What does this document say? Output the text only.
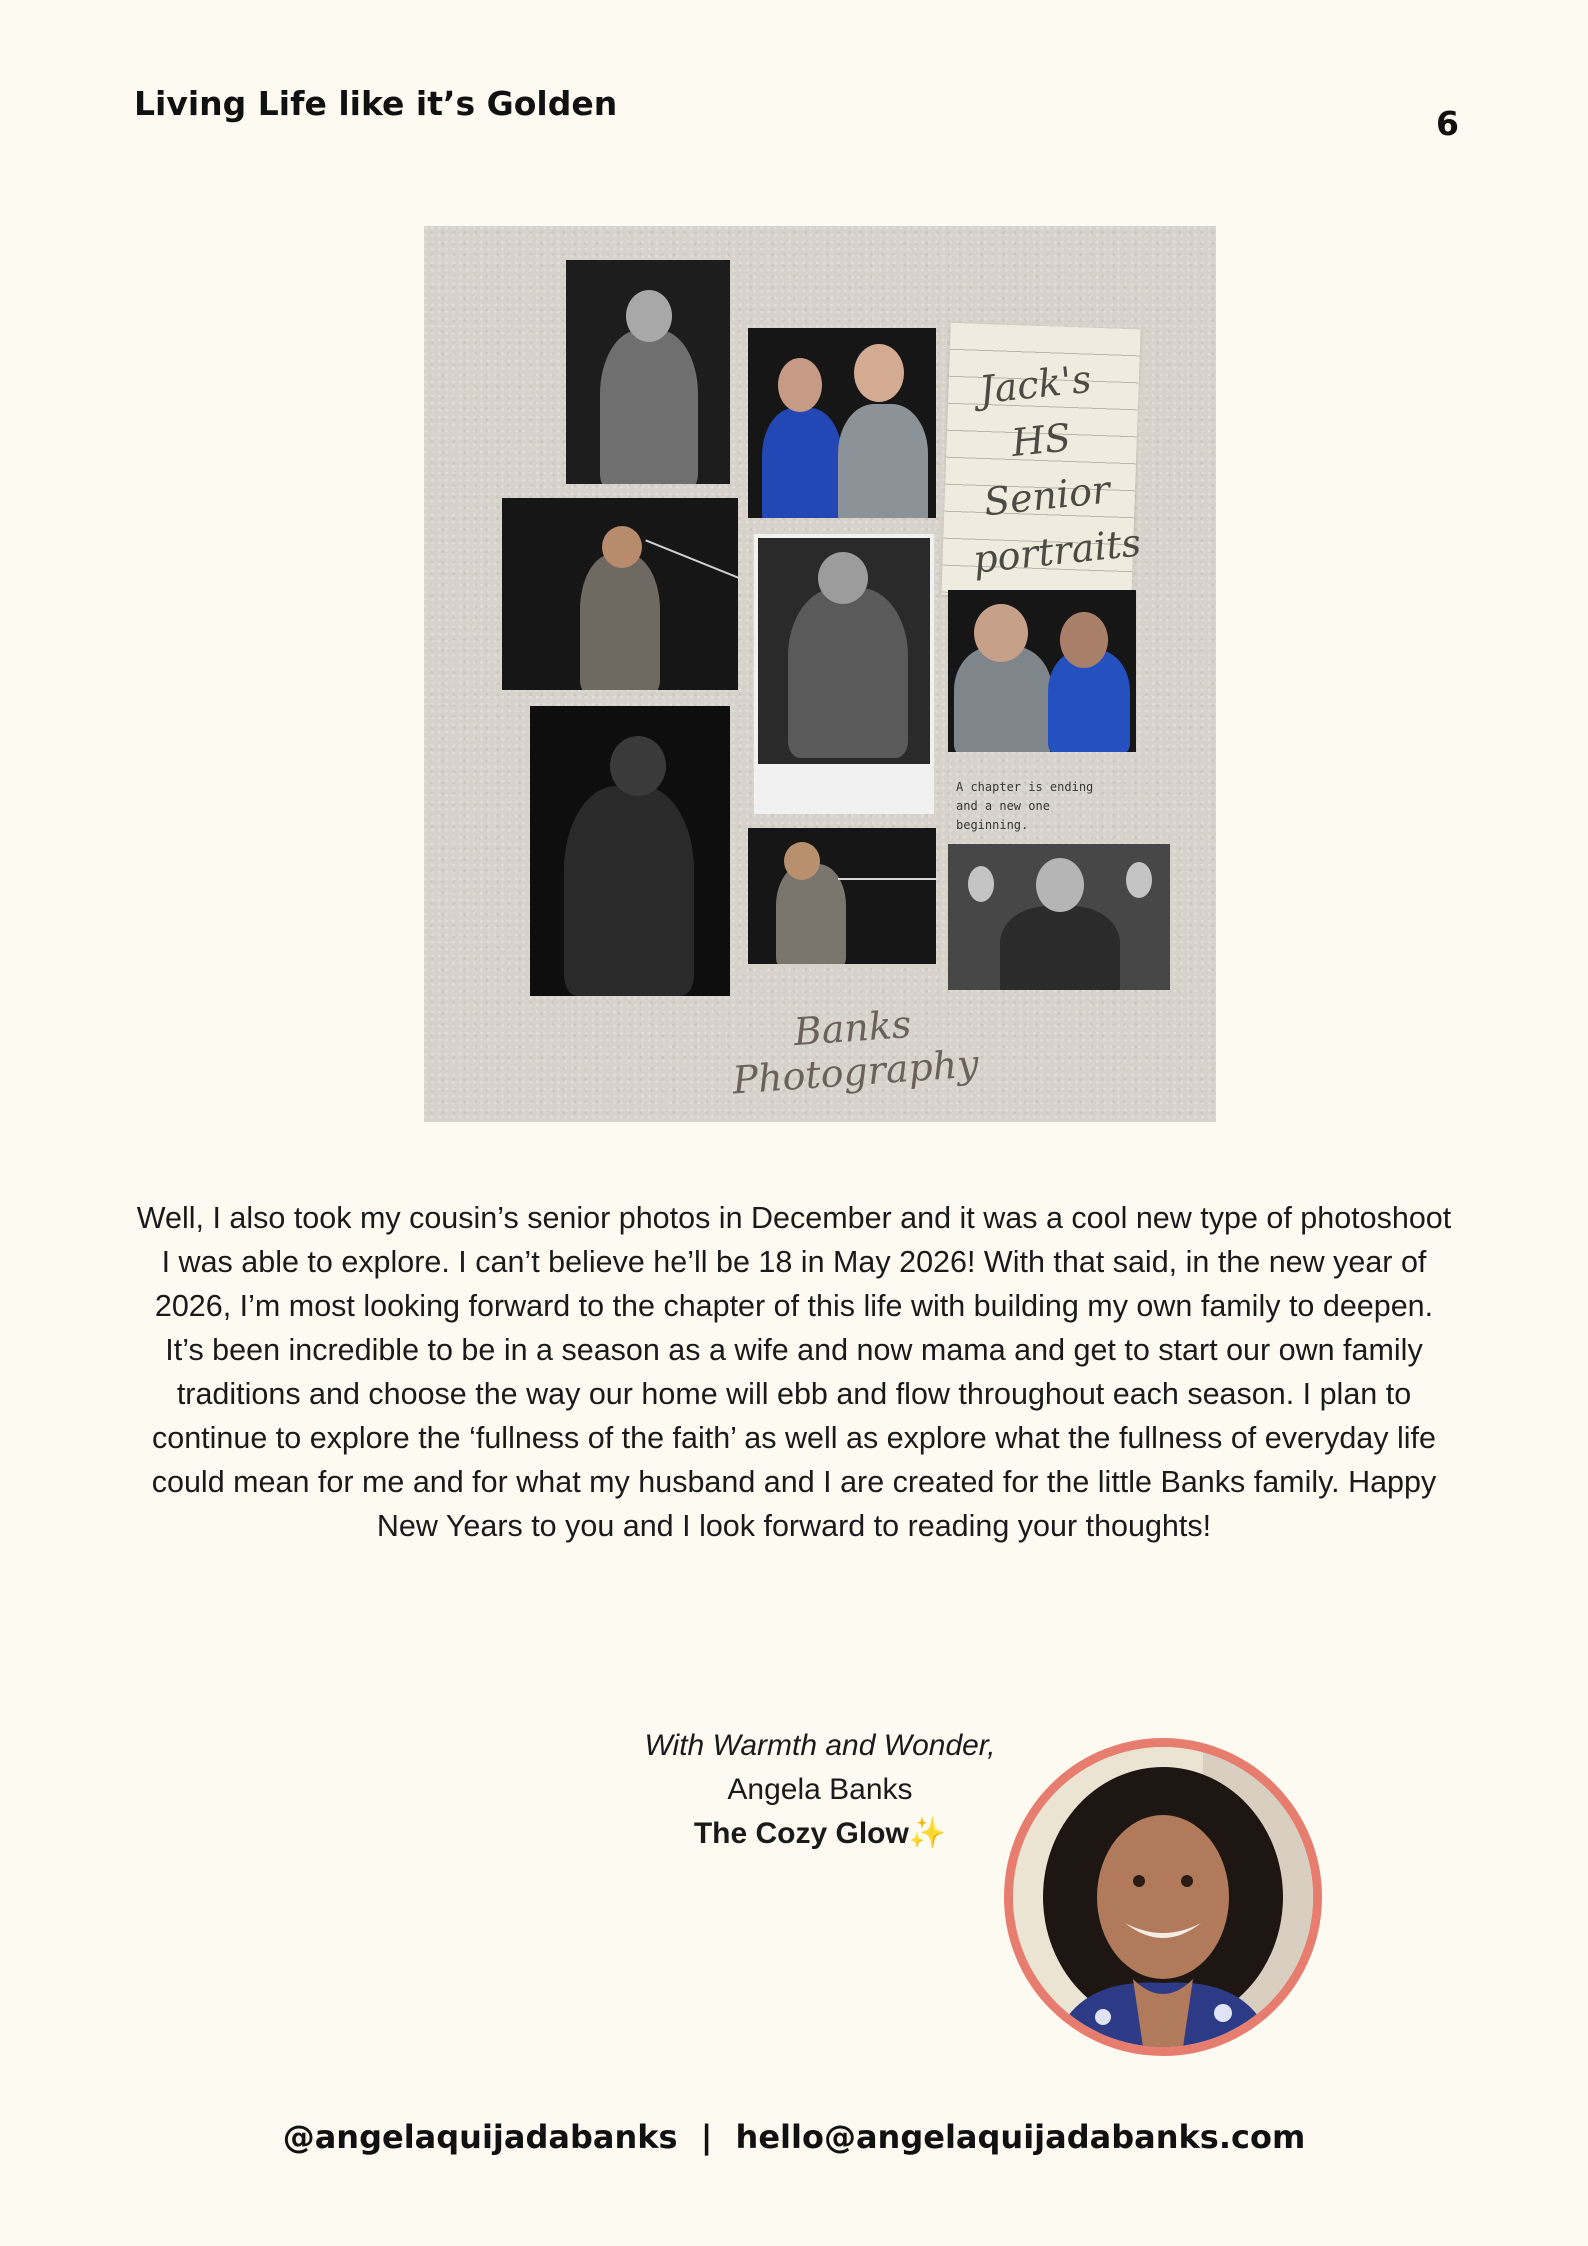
Living Life like it’s Golden
6
Jack's
HS
Senior
portraits
A chapter is ending
and a new one
beginning.
Banks Photography
Well, I also took my cousin’s senior photos in December and it was a cool new type of photoshoot I was able to explore. I can’t believe he’ll be 18 in May 2026! With that said, in the new year of 2026, I’m most looking forward to the chapter of this life with building my own family to deepen. It’s been incredible to be in a season as a wife and now mama and get to start our own family traditions and choose the way our home will ebb and flow throughout each season. I plan to continue to explore the ‘fullness of the faith’ as well as explore what the fullness of everyday life could mean for me and for what my husband and I are created for the little Banks family. Happy New Years to you and I look forward to reading your thoughts!
With Warmth and Wonder,
Angela Banks
The Cozy Glow✨
@angelaquijadabanks | hello@angelaquijadabanks.com
